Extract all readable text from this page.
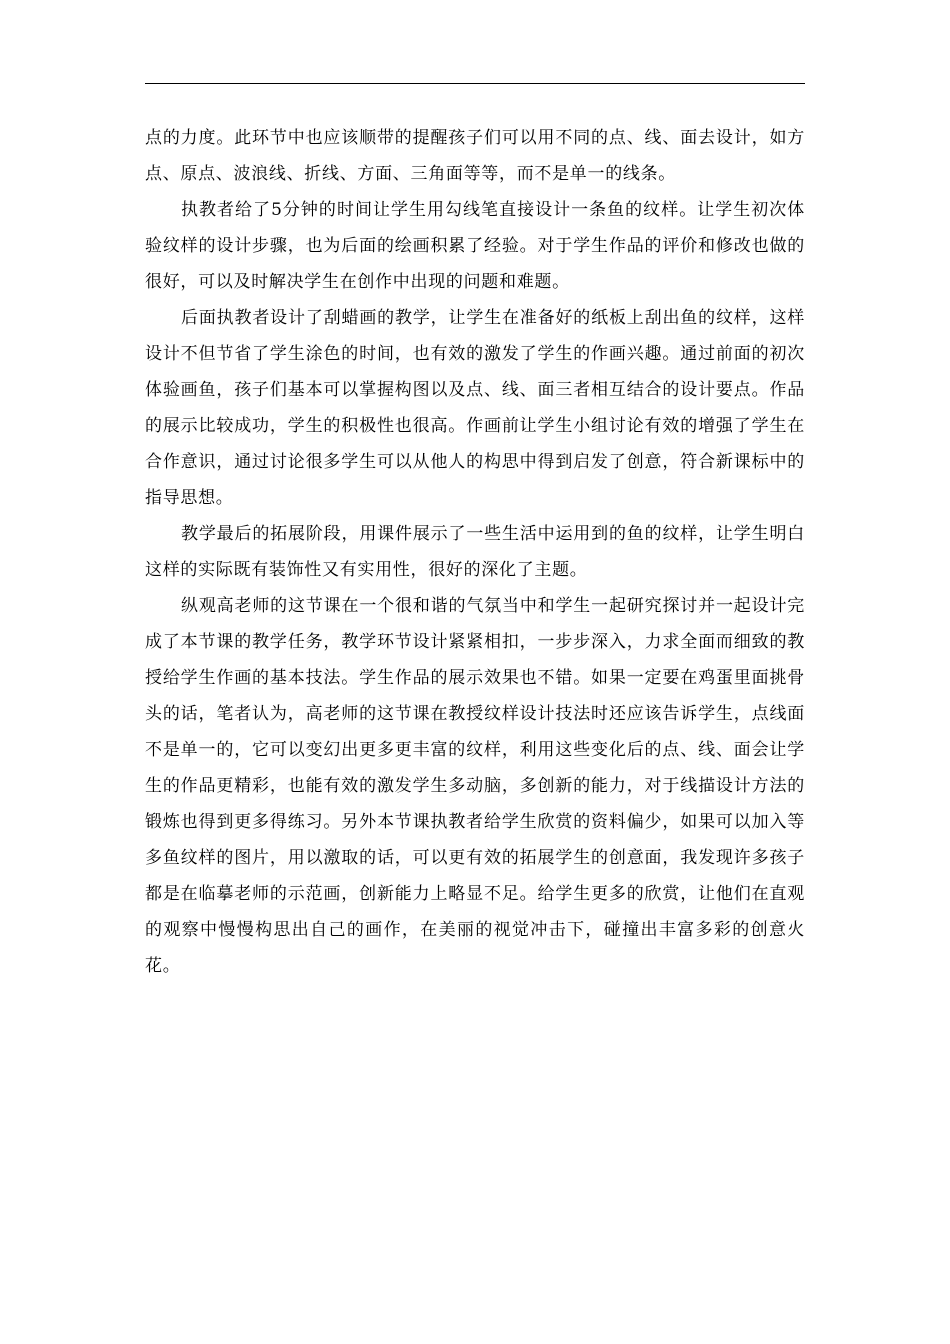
点的力度。此环节中也应该顺带的提醒孩子们可以用不同的点、线、面去设计，如方点、原点、波浪线、折线、方面、三角面等等，而不是单一的线条。

执教者给了5分钟的时间让学生用勾线笔直接设计一条鱼的纹样。让学生初次体验纹样的设计步骤，也为后面的绘画积累了经验。对于学生作品的评价和修改也做的很好，可以及时解决学生在创作中出现的问题和难题。

后面执教者设计了刮蜡画的教学，让学生在准备好的纸板上刮出鱼的纹样，这样设计不但节省了学生涂色的时间，也有效的激发了学生的作画兴趣。通过前面的初次体验画鱼，孩子们基本可以掌握构图以及点、线、面三者相互结合的设计要点。作品的展示比较成功，学生的积极性也很高。作画前让学生小组讨论有效的增强了学生在合作意识，通过讨论很多学生可以从他人的构思中得到启发了创意，符合新课标中的指导思想。

教学最后的拓展阶段，用课件展示了一些生活中运用到的鱼的纹样，让学生明白这样的实际既有装饰性又有实用性，很好的深化了主题。

纵观高老师的这节课在一个很和谐的气氛当中和学生一起研究探讨并一起设计完成了本节课的教学任务，教学环节设计紧紧相扣，一步步深入，力求全面而细致的教授给学生作画的基本技法。学生作品的展示效果也不错。如果一定要在鸡蛋里面挑骨头的话，笔者认为，高老师的这节课在教授纹样设计技法时还应该告诉学生，点线面不是单一的，它可以变幻出更多更丰富的纹样，利用这些变化后的点、线、面会让学生的作品更精彩，也能有效的激发学生多动脑，多创新的能力，对于线描设计方法的锻炼也得到更多得练习。另外本节课执教者给学生欣赏的资料偏少，如果可以加入等多鱼纹样的图片，用以激取的话，可以更有效的拓展学生的创意面，我发现许多孩子都是在临摹老师的示范画，创新能力上略显不足。给学生更多的欣赏，让他们在直观的观察中慢慢构思出自己的画作，在美丽的视觉冲击下，碰撞出丰富多彩的创意火花。
